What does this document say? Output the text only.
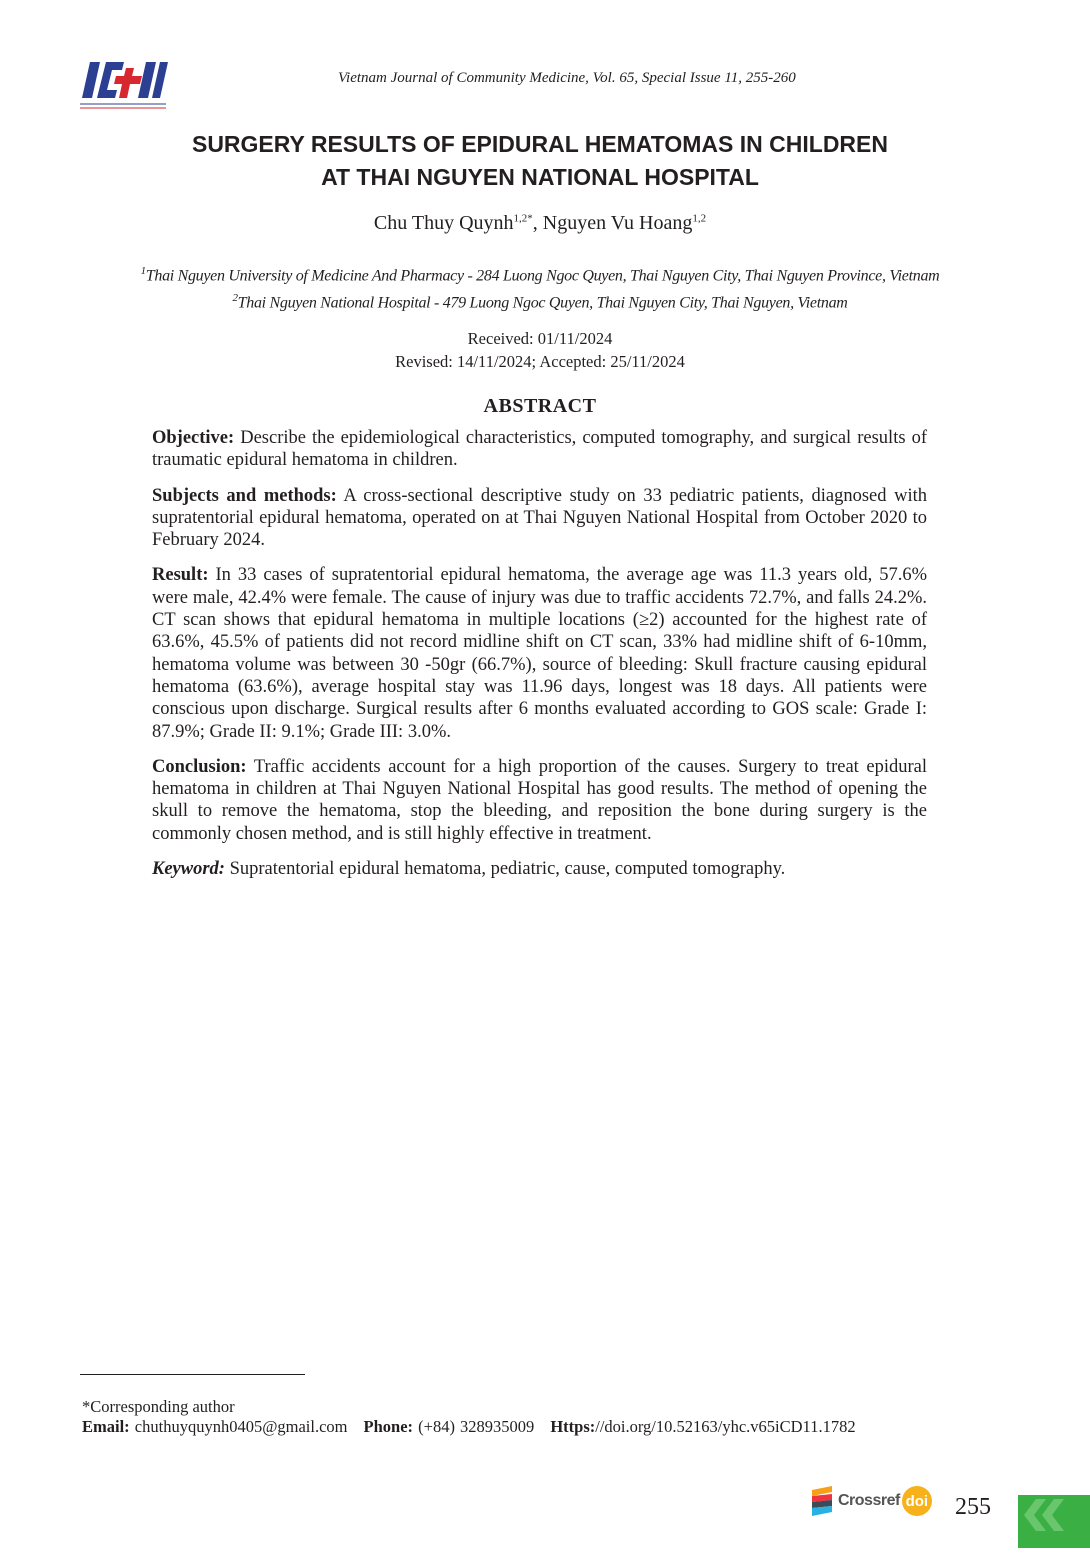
Vietnam Journal of Community Medicine, Vol. 65, Special Issue 11, 255-260
SURGERY RESULTS OF EPIDURAL HEMATOMAS IN CHILDREN
AT THAI NGUYEN NATIONAL HOSPITAL
Chu Thuy Quynh$^{1,2*}$, Nguyen Vu Hoang$^{1,2}$
$^1$Thai Nguyen University of Medicine And Pharmacy - 284 Luong Ngoc Quyen, Thai Nguyen City, Thai Nguyen Province, Vietnam
$^2$Thai Nguyen National Hospital - 479 Luong Ngoc Quyen, Thai Nguyen City, Thai Nguyen, Vietnam
Received: 01/11/2024
Revised: 14/11/2024; Accepted: 25/11/2024
ABSTRACT

Objective: Describe the epidemiological characteristics, computed tomography, and surgical results of traumatic epidural hematoma in children.

Subjects and methods: A cross-sectional descriptive study on 33 pediatric patients, diagnosed with supratentorial epidural hematoma, operated on at Thai Nguyen National Hospital from October 2020 to February 2024.

Result: In 33 cases of supratentorial epidural hematoma, the average age was 11.3 years old, 57.6% were male, 42.4% were female. The cause of injury was due to traffic accidents 72.7%, and falls 24.2%. CT scan shows that epidural hematoma in multiple locations (≥2) accounted for the highest rate of 63.6%, 45.5% of patients did not record midline shift on CT scan, 33% had midline shift of 6-10mm, hematoma volume was between 30 -50gr (66.7%), source of bleeding: Skull fracture causing epidural hematoma (63.6%), average hospital stay was 11.96 days, longest was 18 days. All patients were conscious upon discharge. Surgical results after 6 months evaluated according to GOS scale: Grade I: 87.9%; Grade II: 9.1%; Grade III: 3.0%.

Conclusion: Traffic accidents account for a high proportion of the causes. Surgery to treat epidural hematoma in children at Thai Nguyen National Hospital has good results. The method of opening the skull to remove the hematoma, stop the bleeding, and reposition the bone during surgery is the commonly chosen method, and is still highly effective in treatment.

Keyword: Supratentorial epidural hematoma, pediatric, cause, computed tomography.

*Corresponding author
Email: chuthuyquynh0405@gmail.com Phone: (+84) 328935009 Https://doi.org/10.52163/yhc.v65iCD11.1782
Crossref doi 255
